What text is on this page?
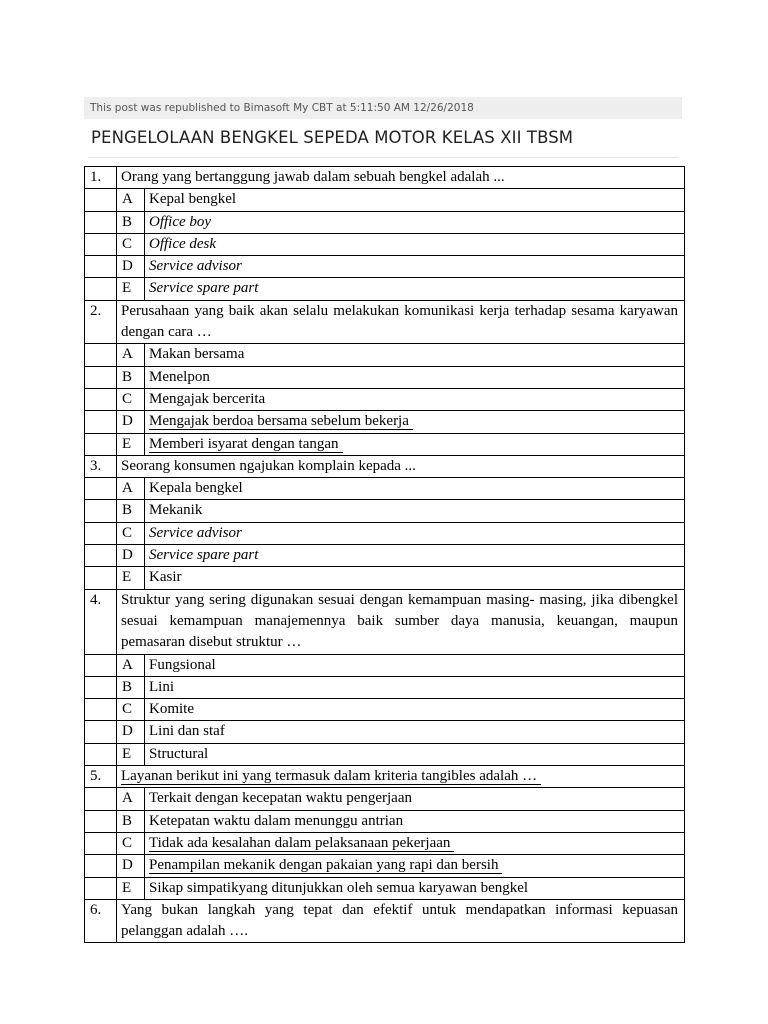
This post was republished to Bimasoft My CBT at 5:11:50 AM 12/26/2018
PENGELOLAAN BENGKEL SEPEDA MOTOR KELAS XII TBSM
1.	Orang yang bertanggung jawab dalam sebuah bengkel adalah ...	
	A	Kepal bengkel
	B	Office boy
	C	Office desk
	D	Service advisor
	E	Service spare part
2.	Perusahaan yang baik akan selalu melakukan komunikasi kerja terhadap sesama karyawan dengan cara …	
	A	Makan bersama
	B	Menelpon
	C	Mengajak bercerita
	D	Mengajak berdoa bersama sebelum bekerja
	E	Memberi isyarat dengan tangan
3.	Seorang konsumen ngajukan komplain kepada ...	
	A	Kepala bengkel
	B	Mekanik
	C	Service advisor
	D	Service spare part
	E	Kasir
4.	Struktur yang sering digunakan sesuai dengan kemampuan masing- masing, jika dibengkel sesuai kemampuan manajemennya baik sumber daya manusia, keuangan, maupun pemasaran disebut struktur …	
	A	Fungsional
	B	Lini
	C	Komite
	D	Lini dan staf
	E	Structural
5.	Layanan berikut ini yang termasuk dalam kriteria tangibles adalah …	
	A	Terkait dengan kecepatan waktu pengerjaan
	B	Ketepatan waktu dalam menunggu antrian
	C	Tidak ada kesalahan dalam pelaksanaan pekerjaan
	D	Penampilan mekanik dengan pakaian yang rapi dan bersih
	E	Sikap simpatikyang ditunjukkan oleh semua karyawan bengkel
6.	Yang bukan langkah yang tepat dan efektif untuk mendapatkan informasi kepuasan pelanggan adalah ….	
